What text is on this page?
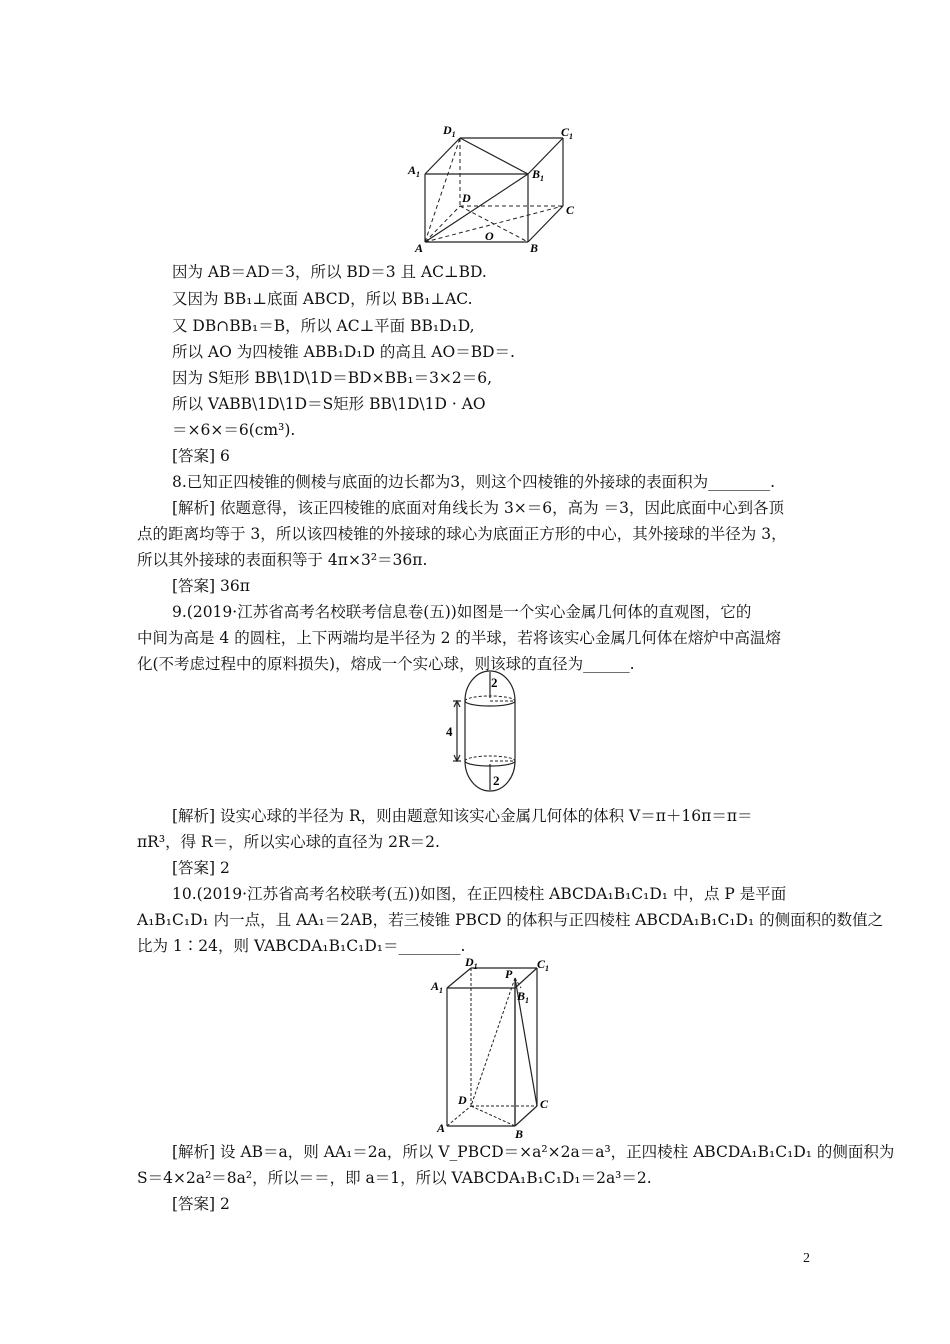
$D_1$	$C_1$
$A_1$	$B_1$
D
C
A	B
O
因为 AB＝AD＝3，所以 BD＝3 且 AC⊥BD.
又因为 BB₁⊥底面 ABCD，所以 BB₁⊥AC.
又 DB∩BB₁＝B，所以 AC⊥平面 BB₁D₁D,
所以 AO 为四棱锥 ABB₁D₁D 的高且 AO＝BD＝.
因为 S矩形 BB\1D\1D＝BD×BB₁＝3×2＝6,
所以 VABB\1D\1D＝S矩形 BB\1D\1D · AO
＝×6×＝6(cm³).
[答案] 6
8.已知正四棱锥的侧棱与底面的边长都为3，则这个四棱锥的外接球的表面积为________.
[解析] 依题意得，该正四棱锥的底面对角线长为 3×＝6，高为 ＝3，因此底面中心到各顶
点的距离均等于 3，所以该四棱锥的外接球的球心为底面正方形的中心，其外接球的半径为 3，
所以其外接球的表面积等于 4π×3²＝36π.
[答案] 36π
9.(2019·江苏省高考名校联考信息卷(五))如图是一个实心金属几何体的直观图，它的
中间为高是 4 的圆柱，上下两端均是半径为 2 的半球，若将该实心金属几何体在熔炉中高温熔
化(不考虑过程中的原料损失)，熔成一个实心球，则该球的直径为______.
2
4
2
[解析] 设实心球的半径为 R，则由题意知该实心金属几何体的体积 V＝π＋16π＝π＝
πR³，得 R＝，所以实心球的直径为 2R＝2.
[答案] 2
10.(2019·江苏省高考名校联考(五))如图，在正四棱柱 ABCDA₁B₁C₁D₁ 中，点 P 是平面
A₁B₁C₁D₁ 内一点，且 AA₁＝2AB，若三棱锥 PBCD 的体积与正四棱柱 ABCDA₁B₁C₁D₁ 的侧面积的数值之
比为 1∶24，则 VABCDA₁B₁C₁D₁＝________.
$D_1$	$C_1$
P
$A_1$	$B_1$
D	C
A	B
[解析] 设 AB＝a，则 AA₁＝2a，所以 V_PBCD＝×a²×2a＝a³，正四棱柱 ABCDA₁B₁C₁D₁ 的侧面积为
S＝4×2a²＝8a²，所以＝＝，即 a＝1，所以 VABCDA₁B₁C₁D₁＝2a³＝2.
[答案] 2
2
